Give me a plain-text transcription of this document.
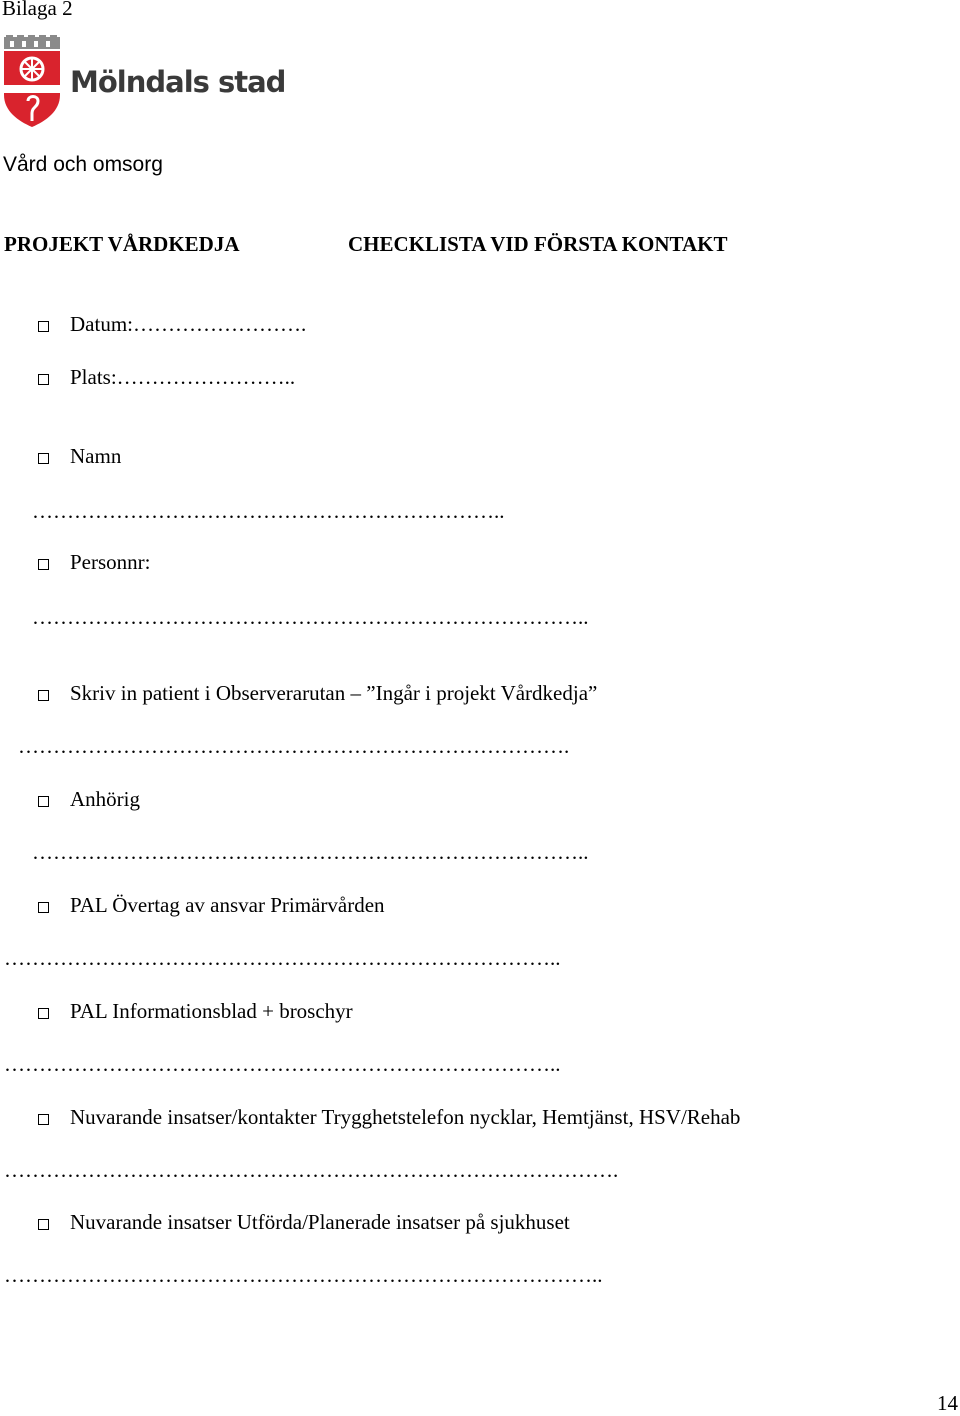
Bilaga 2
Mölndals stad
Vård och omsorg
PROJEKT VÅRDKEDJA	CHECKLISTA VID FÖRSTA KONTAKT
Datum:…………………….
Plats:……………………..
Namn
…………………………………………………………..
Personnr:
……………………………………………………………………..
Skriv in patient i Observerarutan – ”Ingår i projekt Vårdkedja”
…………………………………………………………………….
Anhörig
……………………………………………………………………..
PAL Övertag av ansvar Primärvården
……………………………………………………………………..
PAL Informationsblad + broschyr
……………………………………………………………………..
Nuvarande insatser/kontakter Trygghetstelefon nycklar, Hemtjänst, HSV/Rehab
…………………………………………………………………………….
Nuvarande insatser Utförda/Planerade insatser på sjukhuset
…………………………………………………………………………..
14
